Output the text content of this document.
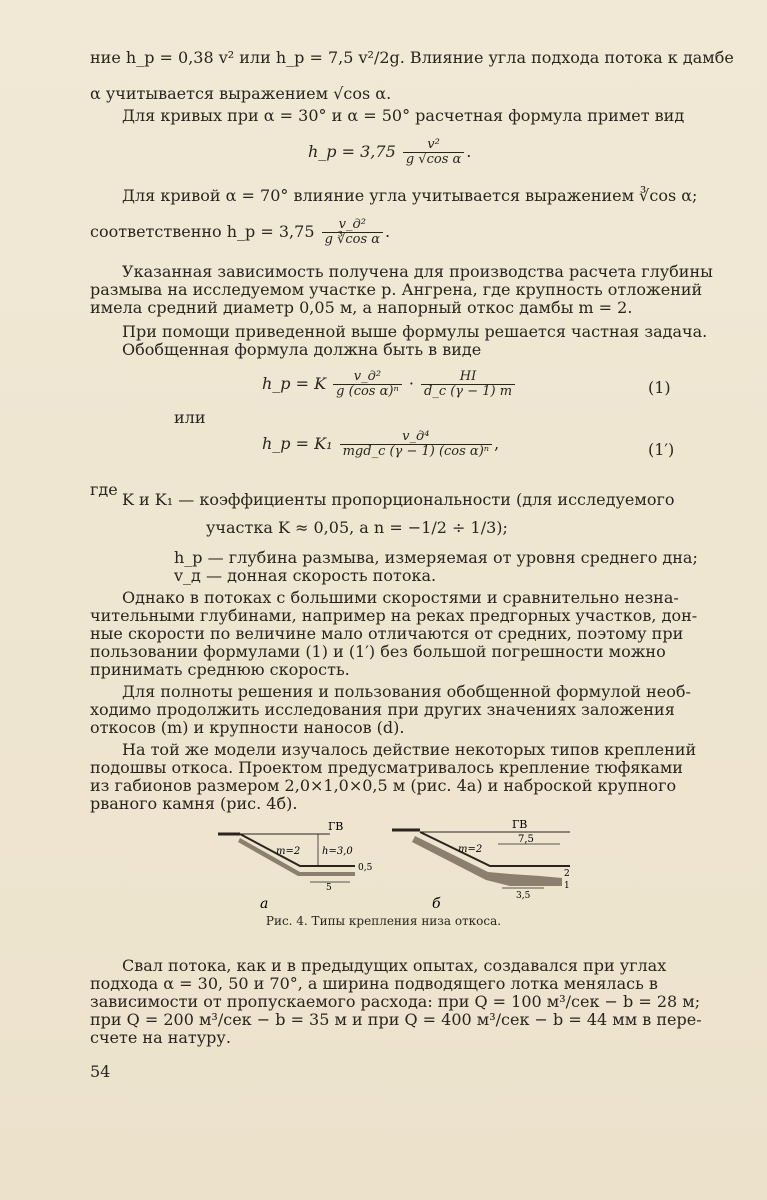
ние h_p = 0,38 v² или h_p = 7,5 v²/2g. Влияние угла подхода потока к дамбе
α учитывается выражением √cos α.
Для кривых при α = 30° и α = 50° расчетная формула примет вид
h_p = $3,75 \frac{\text{v²}}{\text{g √cos α}}$ .
Для кривой α = 70° влияние угла учитывается выражением ∛cos α;
соответственно h_p = $3,75 \frac{\text{v\_д²}}{\text{g ∛cos α}}$ .
Указанная зависимость получена для производства расчета глубины
размыва на исследуемом участке р. Ангрена, где крупность отложений
имела средний диаметр 0,05 м, а напорный откос дамбы m = 2.
При помощи приведенной выше формулы решается частная задача.
Обобщенная формула должна быть в виде
h_p = K $\frac{\text{v\_д²}}{\text{g (cos α)ⁿ}} \cdot \frac{HI}{d\_c (\gamma - 1) m}$	(1)
или
h_p = $K_1 \frac{\text{v\_д⁴}}{\text{mgd\_c (γ − 1) (cos α)ⁿ}}$ ,	(1′)
где
K и K₁ — коэффициенты пропорциональности (для исследуемого
участка K ≈ 0,05, а n = −1/2 ÷ 1/3);
h_p — глубина размыва, измеряемая от уровня среднего дна;
v_д — донная скорость потока.
Однако в потоках с большими скоростями и сравнительно незна-
чительными глубинами, например на реках предгорных участков, дон-
ные скорости по величине мало отличаются от средних, поэтому при
пользовании формулами (1) и (1′) без большой погрешности можно
принимать среднюю скорость.
Для полноты решения и пользования обобщенной формулой необ-
ходимо продолжить исследования при других значениях заложения
откосов (m) и крупности наносов (d).
На той же модели изучалось действие некоторых типов креплений
подошвы откоса. Проектом предусматривалось крепление тюфяками
из габионов размером 2,0×1,0×0,5 м (рис. 4а) и наброской крупного
рваного камня (рис. 4б).
ГВ
m=2 h=3,0
0,5
5
а
ГВ
m=2
7,5
3,5
2
1
б
Рис. 4. Типы крепления низа откоса.
Свал потока, как и в предыдущих опытах, создавался при углах
подхода α = 30, 50 и 70°, а ширина подводящего лотка менялась в
зависимости от пропускаемого расхода: при Q = 100 м³/сек − b = 28 м;
при Q = 200 м³/сек − b = 35 м и при Q = 400 м³/сек − b = 44 мм в пере-
счете на натуру.
54
